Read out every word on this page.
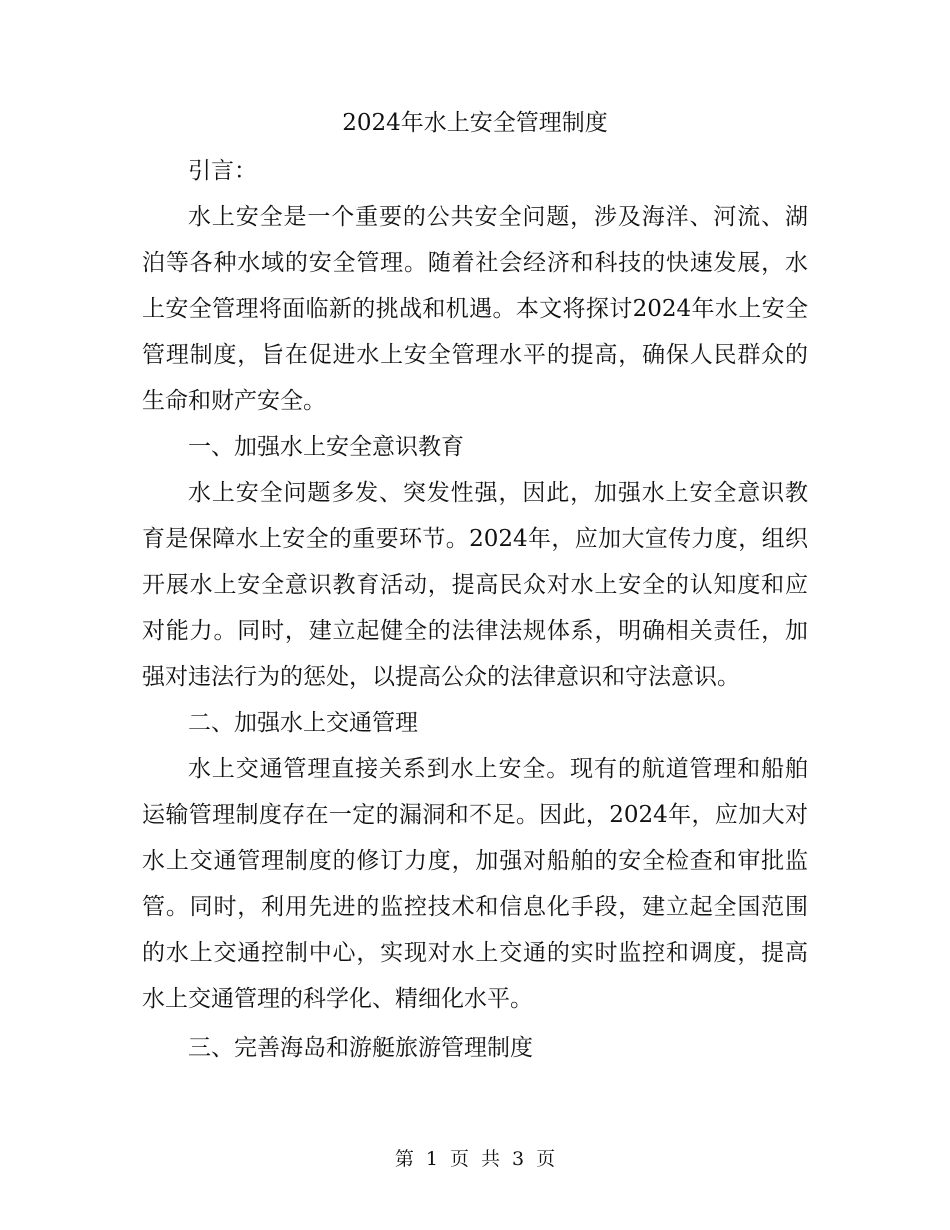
2024年水上安全管理制度

引言：

水上安全是一个重要的公共安全问题，涉及海洋、河流、湖泊等各种水域的安全管理。随着社会经济和科技的快速发展，水上安全管理将面临新的挑战和机遇。本文将探讨2024年水上安全管理制度，旨在促进水上安全管理水平的提高，确保人民群众的生命和财产安全。

一、加强水上安全意识教育

水上安全问题多发、突发性强，因此，加强水上安全意识教育是保障水上安全的重要环节。2024年，应加大宣传力度，组织开展水上安全意识教育活动，提高民众对水上安全的认知度和应对能力。同时，建立起健全的法律法规体系，明确相关责任，加强对违法行为的惩处，以提高公众的法律意识和守法意识。

二、加强水上交通管理

水上交通管理直接关系到水上安全。现有的航道管理和船舶运输管理制度存在一定的漏洞和不足。因此，2024年，应加大对水上交通管理制度的修订力度，加强对船舶的安全检查和审批监管。同时，利用先进的监控技术和信息化手段，建立起全国范围的水上交通控制中心，实现对水上交通的实时监控和调度，提高水上交通管理的科学化、精细化水平。

三、完善海岛和游艇旅游管理制度

第 1 页 共 3 页
